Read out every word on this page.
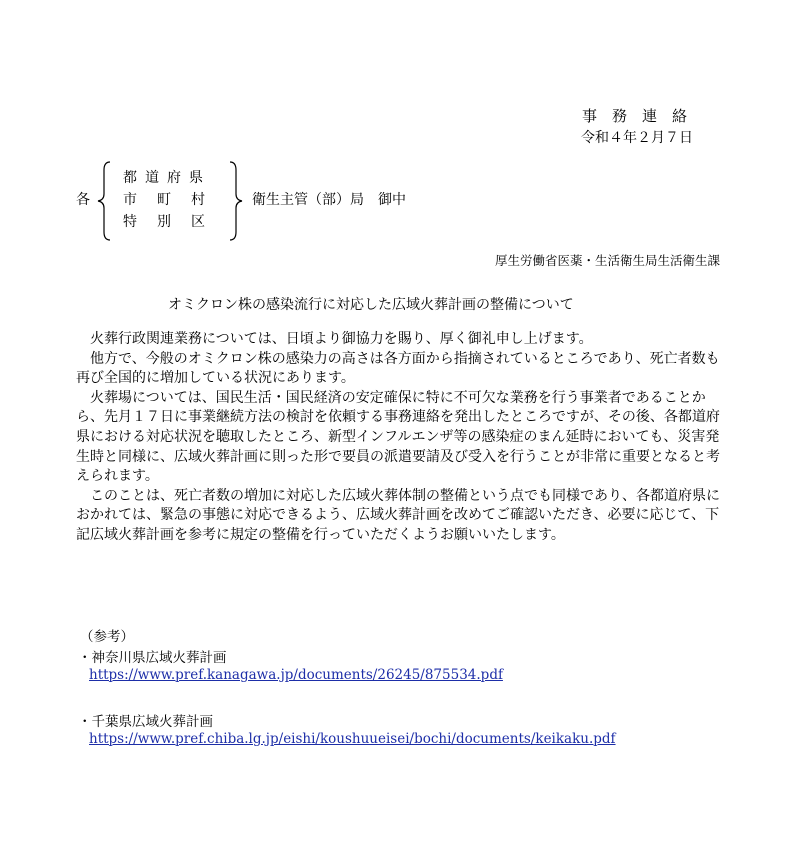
事務連絡
令和４年２月７日
各
都道府県
市町村
特別区
衛生主管（部）局　御中
厚生労働省医薬・生活衛生局生活衛生課
オミクロン株の感染流行に対応した広域火葬計画の整備について

火葬行政関連業務については、日頃より御協力を賜り、厚く御礼申し上げます。

他方で、今般のオミクロン株の感染力の高さは各方面から指摘されているところであり、死亡者数も再び全国的に増加している状況にあります。

火葬場については、国民生活・国民経済の安定確保に特に不可欠な業務を行う事業者であることから、先月１７日に事業継続方法の検討を依頼する事務連絡を発出したところですが、その後、各都道府県における対応状況を聴取したところ、新型インフルエンザ等の感染症のまん延時においても、災害発生時と同様に、広域火葬計画に則った形で要員の派遣要請及び受入を行うことが非常に重要となると考えられます。

このことは、死亡者数の増加に対応した広域火葬体制の整備という点でも同様であり、各都道府県におかれては、緊急の事態に対応できるよう、広域火葬計画を改めてご確認いただき、必要に応じて、下記広域火葬計画を参考に規定の整備を行っていただくようお願いいたします。

（参考）
・神奈川県広域火葬計画
https://www.pref.kanagawa.jp/documents/26245/875534.pdf
・千葉県広域火葬計画
https://www.pref.chiba.lg.jp/eishi/koushuueisei/bochi/documents/keikaku.pdf
